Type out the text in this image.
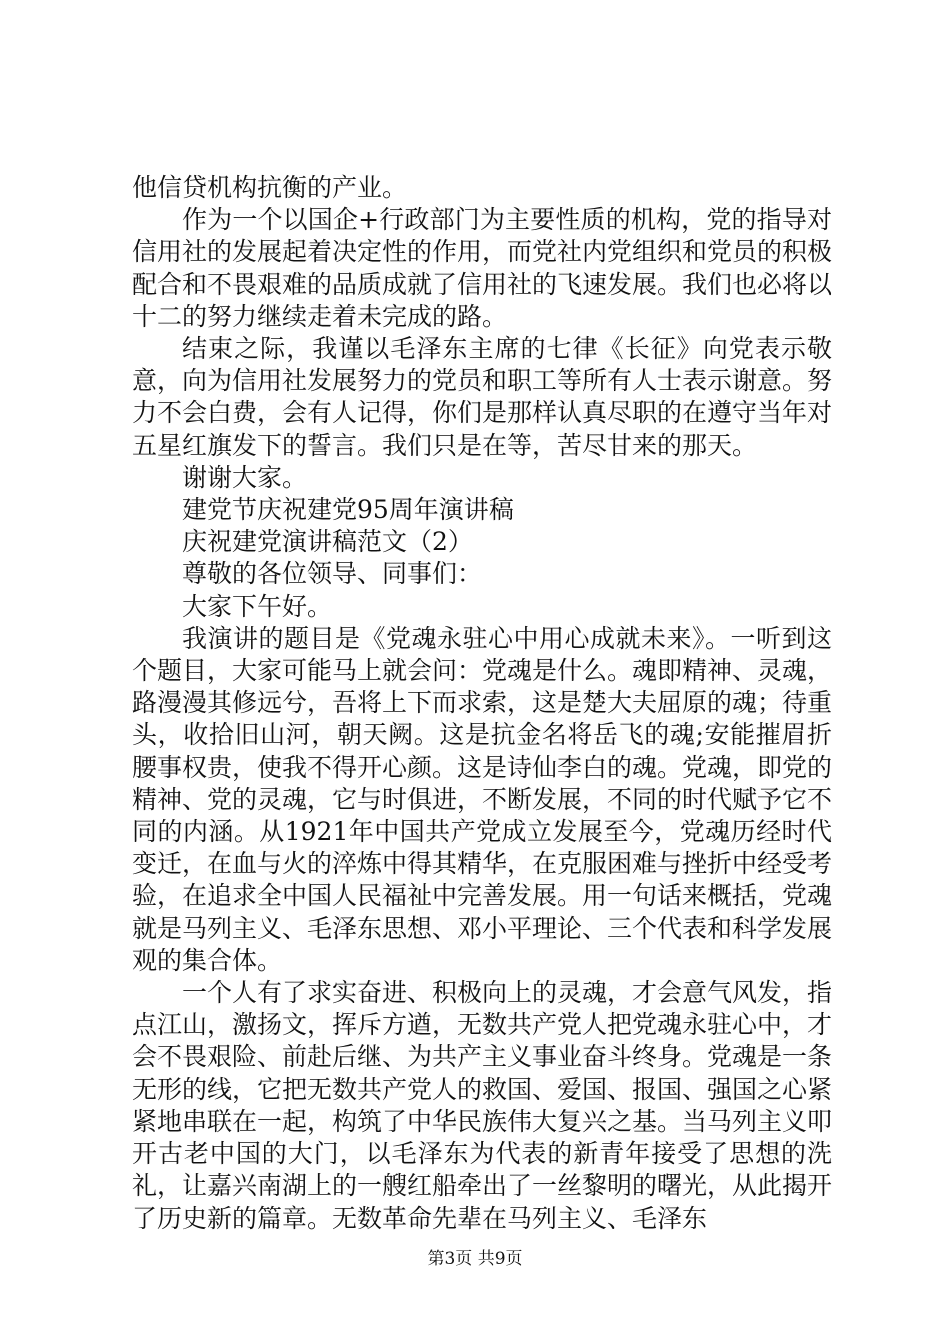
他信贷机构抗衡的产业。

作为一个以国企+行政部门为主要性质的机构，党的指导对信用社的发展起着决定性的作用，而党社内党组织和党员的积极配合和不畏艰难的品质成就了信用社的飞速发展。我们也必将以十二的努力继续走着未完成的路。

结束之际，我谨以毛泽东主席的七律《长征》向党表示敬意，向为信用社发展努力的党员和职工等所有人士表示谢意。努力不会白费，会有人记得，你们是那样认真尽职的在遵守当年对五星红旗发下的誓言。我们只是在等，苦尽甘来的那天。

谢谢大家。

建党节庆祝建党95周年演讲稿

庆祝建党演讲稿范文（2）

尊敬的各位领导、同事们：

大家下午好。

我演讲的题目是《党魂永驻心中用心成就未来》。一听到这个题目，大家可能马上就会问：党魂是什么。魂即精神、灵魂，路漫漫其修远兮，吾将上下而求索，这是楚大夫屈原的魂；待重头，收拾旧山河，朝天阙。这是抗金名将岳飞的魂;安能摧眉折腰事权贵，使我不得开心颜。这是诗仙李白的魂。党魂，即党的精神、党的灵魂，它与时俱进，不断发展，不同的时代赋予它不同的内涵。从1921年中国共产党成立发展至今，党魂历经时代变迁，在血与火的淬炼中得其精华，在克服困难与挫折中经受考验，在追求全中国人民福祉中完善发展。用一句话来概括，党魂就是马列主义、毛泽东思想、邓小平理论、三个代表和科学发展观的集合体。

一个人有了求实奋进、积极向上的灵魂，才会意气风发，指点江山，激扬文，挥斥方遒，无数共产党人把党魂永驻心中，才会不畏艰险、前赴后继、为共产主义事业奋斗终身。党魂是一条无形的线，它把无数共产党人的救国、爱国、报国、强国之心紧紧地串联在一起，构筑了中华民族伟大复兴之基。当马列主义叩开古老中国的大门，以毛泽东为代表的新青年接受了思想的洗礼，让嘉兴南湖上的一艘红船牵出了一丝黎明的曙光，从此揭开了历史新的篇章。无数革命先辈在马列主义、毛泽东

第3页 共9页
